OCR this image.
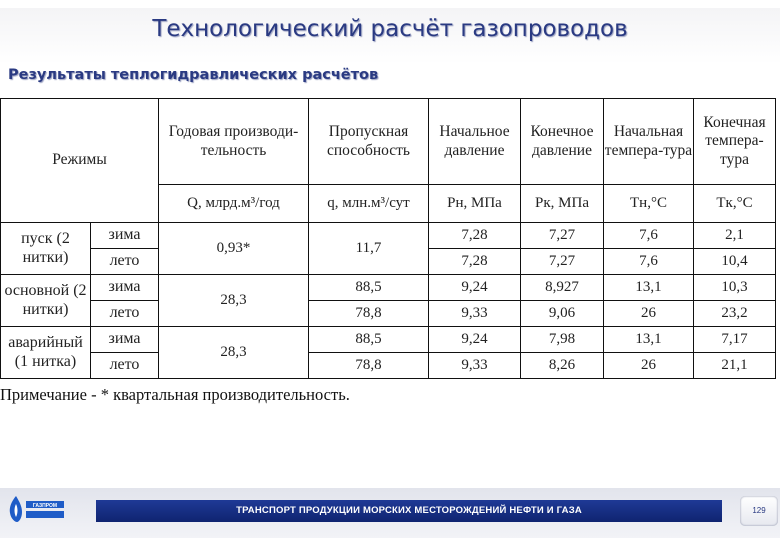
Технологический расчёт газопроводов
Результаты теплогидравлических расчётов
Режимы		Годовая производи-тельность	Пропускная способность	Начальное давление	Конечное давление	Начальная темпера-тура	Конечная темпера-тура
		Q, млрд.м³/год	q, млн.м³/сут	Pн, МПа	Pк, МПа	Tн,°С	Tк,°С
пуск (2 нитки)	зима	0,93*	11,7	7,28	7,27	7,6	2,1
	лето			7,28	7,27	7,6	10,4
основной (2 нитки)	зима	28,3	88,5	9,24	8,927	13,1	10,3
	лето		78,8	9,33	9,06	26	23,2
аварийный (1 нитка)	зима	28,3	88,5	9,24	7,98	13,1	7,17
	лето		78,8	9,33	8,26	26	21,1
Примечание - * квартальная производительность.
ГАЗПРОМ	ТРАНСПОРТ ПРОДУКЦИИ МОРСКИХ МЕСТОРОЖДЕНИЙ НЕФТИ И ГАЗА	129
